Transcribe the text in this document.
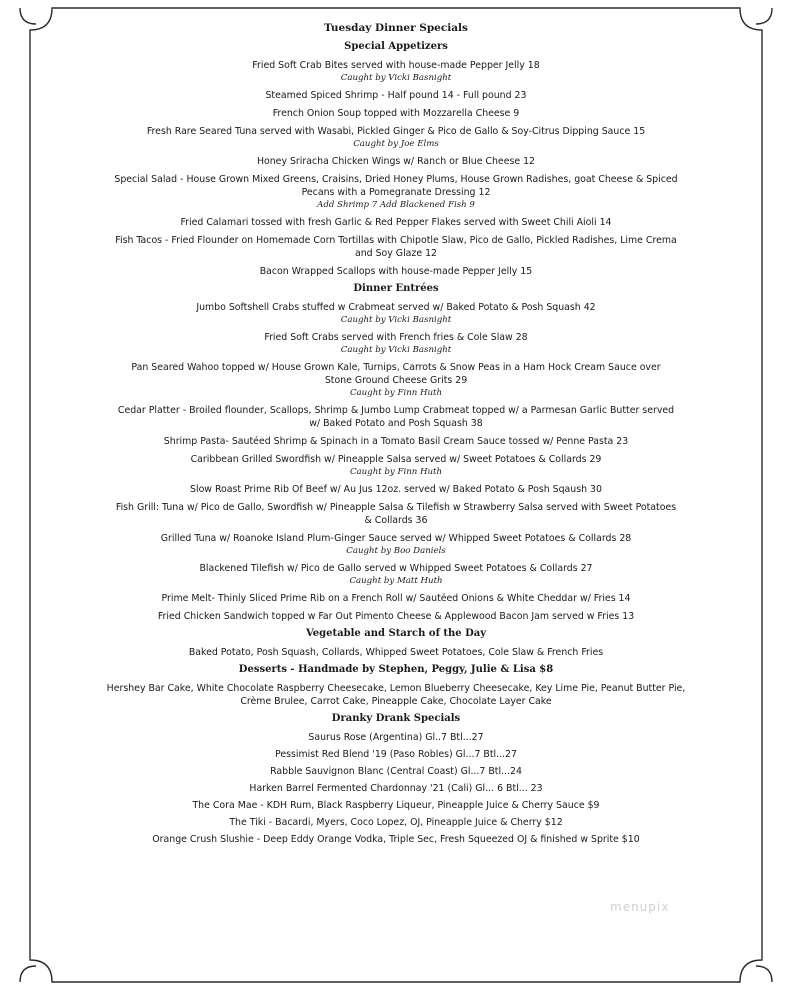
Tuesday Dinner Specials
Special Appetizers
Fried Soft Crab Bites served with house-made Pepper Jelly 18
Caught by Vicki Basnight
Steamed Spiced Shrimp - Half pound 14 - Full pound 23
French Onion Soup topped with Mozzarella Cheese 9
Fresh Rare Seared Tuna served with Wasabi, Pickled Ginger & Pico de Gallo & Soy-Citrus Dipping Sauce 15
Caught by Joe Elms
Honey Sriracha Chicken Wings w/ Ranch or Blue Cheese 12
Special Salad - House Grown Mixed Greens, Craisins, Dried Honey Plums, House Grown Radishes, goat Cheese & Spiced
Pecans with a Pomegranate Dressing 12
Add Shrimp 7 Add Blackened Fish 9
Fried Calamari tossed with fresh Garlic & Red Pepper Flakes served with Sweet Chili Aioli 14
Fish Tacos - Fried Flounder on Homemade Corn Tortillas with Chipotle Slaw, Pico de Gallo, Pickled Radishes, Lime Crema
and Soy Glaze 12
Bacon Wrapped Scallops with house-made Pepper Jelly 15
Dinner Entrées
Jumbo Softshell Crabs stuffed w Crabmeat served w/ Baked Potato & Posh Squash 42
Caught by Vicki Basnight
Fried Soft Crabs served with French fries & Cole Slaw 28
Caught by Vicki Basnight
Pan Seared Wahoo topped w/ House Grown Kale, Turnips, Carrots & Snow Peas in a Ham Hock Cream Sauce over
Stone Ground Cheese Grits 29
Caught by Finn Huth
Cedar Platter - Broiled flounder, Scallops, Shrimp & Jumbo Lump Crabmeat topped w/ a Parmesan Garlic Butter served
w/ Baked Potato and Posh Squash 38
Shrimp Pasta- Sautéed Shrimp & Spinach in a Tomato Basil Cream Sauce tossed w/ Penne Pasta 23
Caribbean Grilled Swordfish w/ Pineapple Salsa served w/ Sweet Potatoes & Collards 29
Caught by Finn Huth
Slow Roast Prime Rib Of Beef w/ Au Jus 12oz. served w/ Baked Potato & Posh Sqaush 30
Fish Grill: Tuna w/ Pico de Gallo, Swordfish w/ Pineapple Salsa & Tilefish w Strawberry Salsa served with Sweet Potatoes
& Collards 36
Grilled Tuna w/ Roanoke Island Plum-Ginger Sauce served w/ Whipped Sweet Potatoes & Collards 28
Caught by Boo Daniels
Blackened Tilefish w/ Pico de Gallo served w Whipped Sweet Potatoes & Collards 27
Caught by Matt Huth
Prime Melt- Thinly Sliced Prime Rib on a French Roll w/ Sautéed Onions & White Cheddar w/ Fries 14
Fried Chicken Sandwich topped w Far Out Pimento Cheese & Applewood Bacon Jam served w Fries 13
Vegetable and Starch of the Day
Baked Potato, Posh Squash, Collards, Whipped Sweet Potatoes, Cole Slaw & French Fries
Desserts - Handmade by Stephen, Peggy, Julie & Lisa $8
Hershey Bar Cake, White Chocolate Raspberry Cheesecake, Lemon Blueberry Cheesecake, Key Lime Pie, Peanut Butter Pie,
Crème Brulee, Carrot Cake, Pineapple Cake, Chocolate Layer Cake
Dranky Drank Specials
Saurus Rose (Argentina) Gl..7 Btl...27
Pessimist Red Blend '19 (Paso Robles) Gl...7 Btl...27
Rabble Sauvignon Blanc (Central Coast) Gl...7 Btl...24
Harken Barrel Fermented Chardonnay '21 (Cali) Gl... 6 Btl... 23
The Cora Mae - KDH Rum, Black Raspberry Liqueur, Pineapple Juice & Cherry Sauce $9
The Tiki - Bacardi, Myers, Coco Lopez, OJ, Pineapple Juice & Cherry $12
Orange Crush Slushie - Deep Eddy Orange Vodka, Triple Sec, Fresh Squeezed OJ & finished w Sprite $10
menupix
